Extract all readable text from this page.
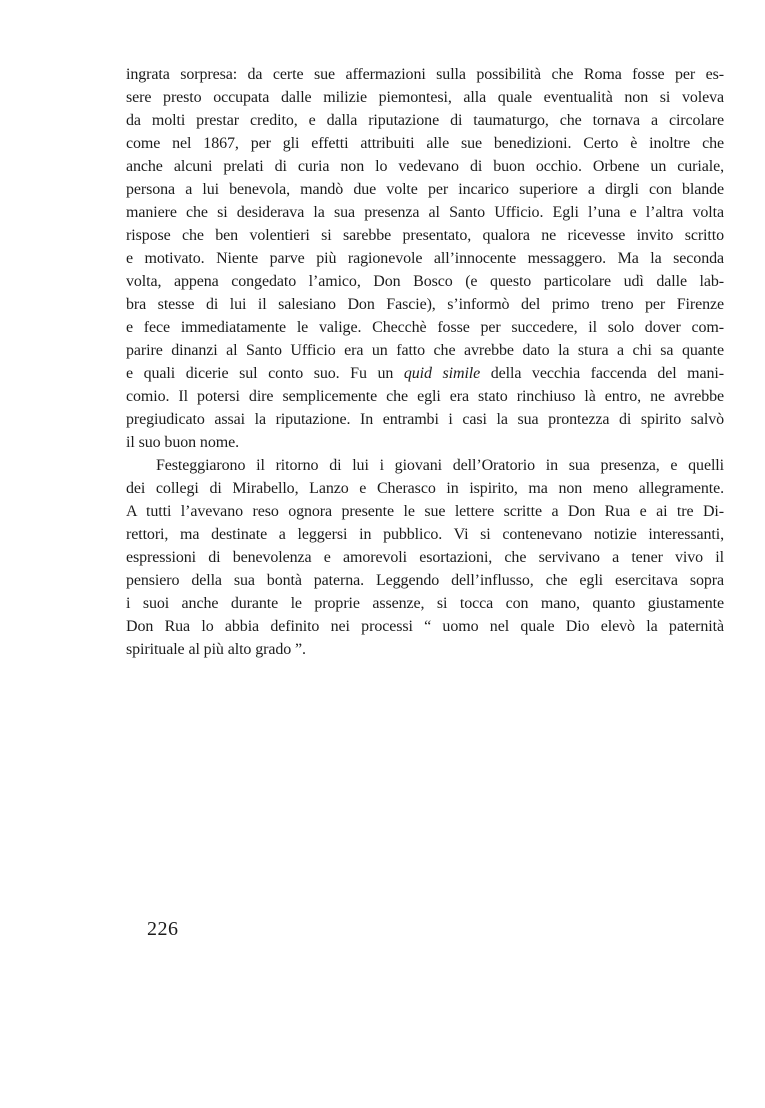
ingrata sorpresa: da certe sue affermazioni sulla possibilità che Roma fosse per es-
sere presto occupata dalle milizie piemontesi, alla quale eventualità non si voleva
da molti prestar credito, e dalla riputazione di taumaturgo, che tornava a circolare
come nel 1867, per gli effetti attribuiti alle sue benedizioni. Certo è inoltre che
anche alcuni prelati di curia non lo vedevano di buon occhio. Orbene un curiale,
persona a lui benevola, mandò due volte per incarico superiore a dirgli con blande
maniere che si desiderava la sua presenza al Santo Ufficio. Egli l’una e l’altra volta
rispose che ben volentieri si sarebbe presentato, qualora ne ricevesse invito scritto
e motivato. Niente parve più ragionevole all’innocente messaggero. Ma la seconda
volta, appena congedato l’amico, Don Bosco (e questo particolare udì dalle lab-
bra stesse di lui il salesiano Don Fascie), s’informò del primo treno per Firenze
e fece immediatamente le valige. Checchè fosse per succedere, il solo dover com-
parire dinanzi al Santo Ufficio era un fatto che avrebbe dato la stura a chi sa quante
e quali dicerie sul conto suo. Fu un quid simile della vecchia faccenda del mani-
comio. Il potersi dire semplicemente che egli era stato rinchiuso là entro, ne avrebbe
pregiudicato assai la riputazione. In entrambi i casi la sua prontezza di spirito salvò
il suo buon nome.
Festeggiarono il ritorno di lui i giovani dell’Oratorio in sua presenza, e quelli
dei collegi di Mirabello, Lanzo e Cherasco in ispirito, ma non meno allegramente.
A tutti l’avevano reso ognora presente le sue lettere scritte a Don Rua e ai tre Di-
rettori, ma destinate a leggersi in pubblico. Vi si contenevano notizie interessanti,
espressioni di benevolenza e amorevoli esortazioni, che servivano a tener vivo il
pensiero della sua bontà paterna. Leggendo dell’influsso, che egli esercitava sopra
i suoi anche durante le proprie assenze, si tocca con mano, quanto giustamente
Don Rua lo abbia definito nei processi “ uomo nel quale Dio elevò la paternità
spirituale al più alto grado ”.
226
